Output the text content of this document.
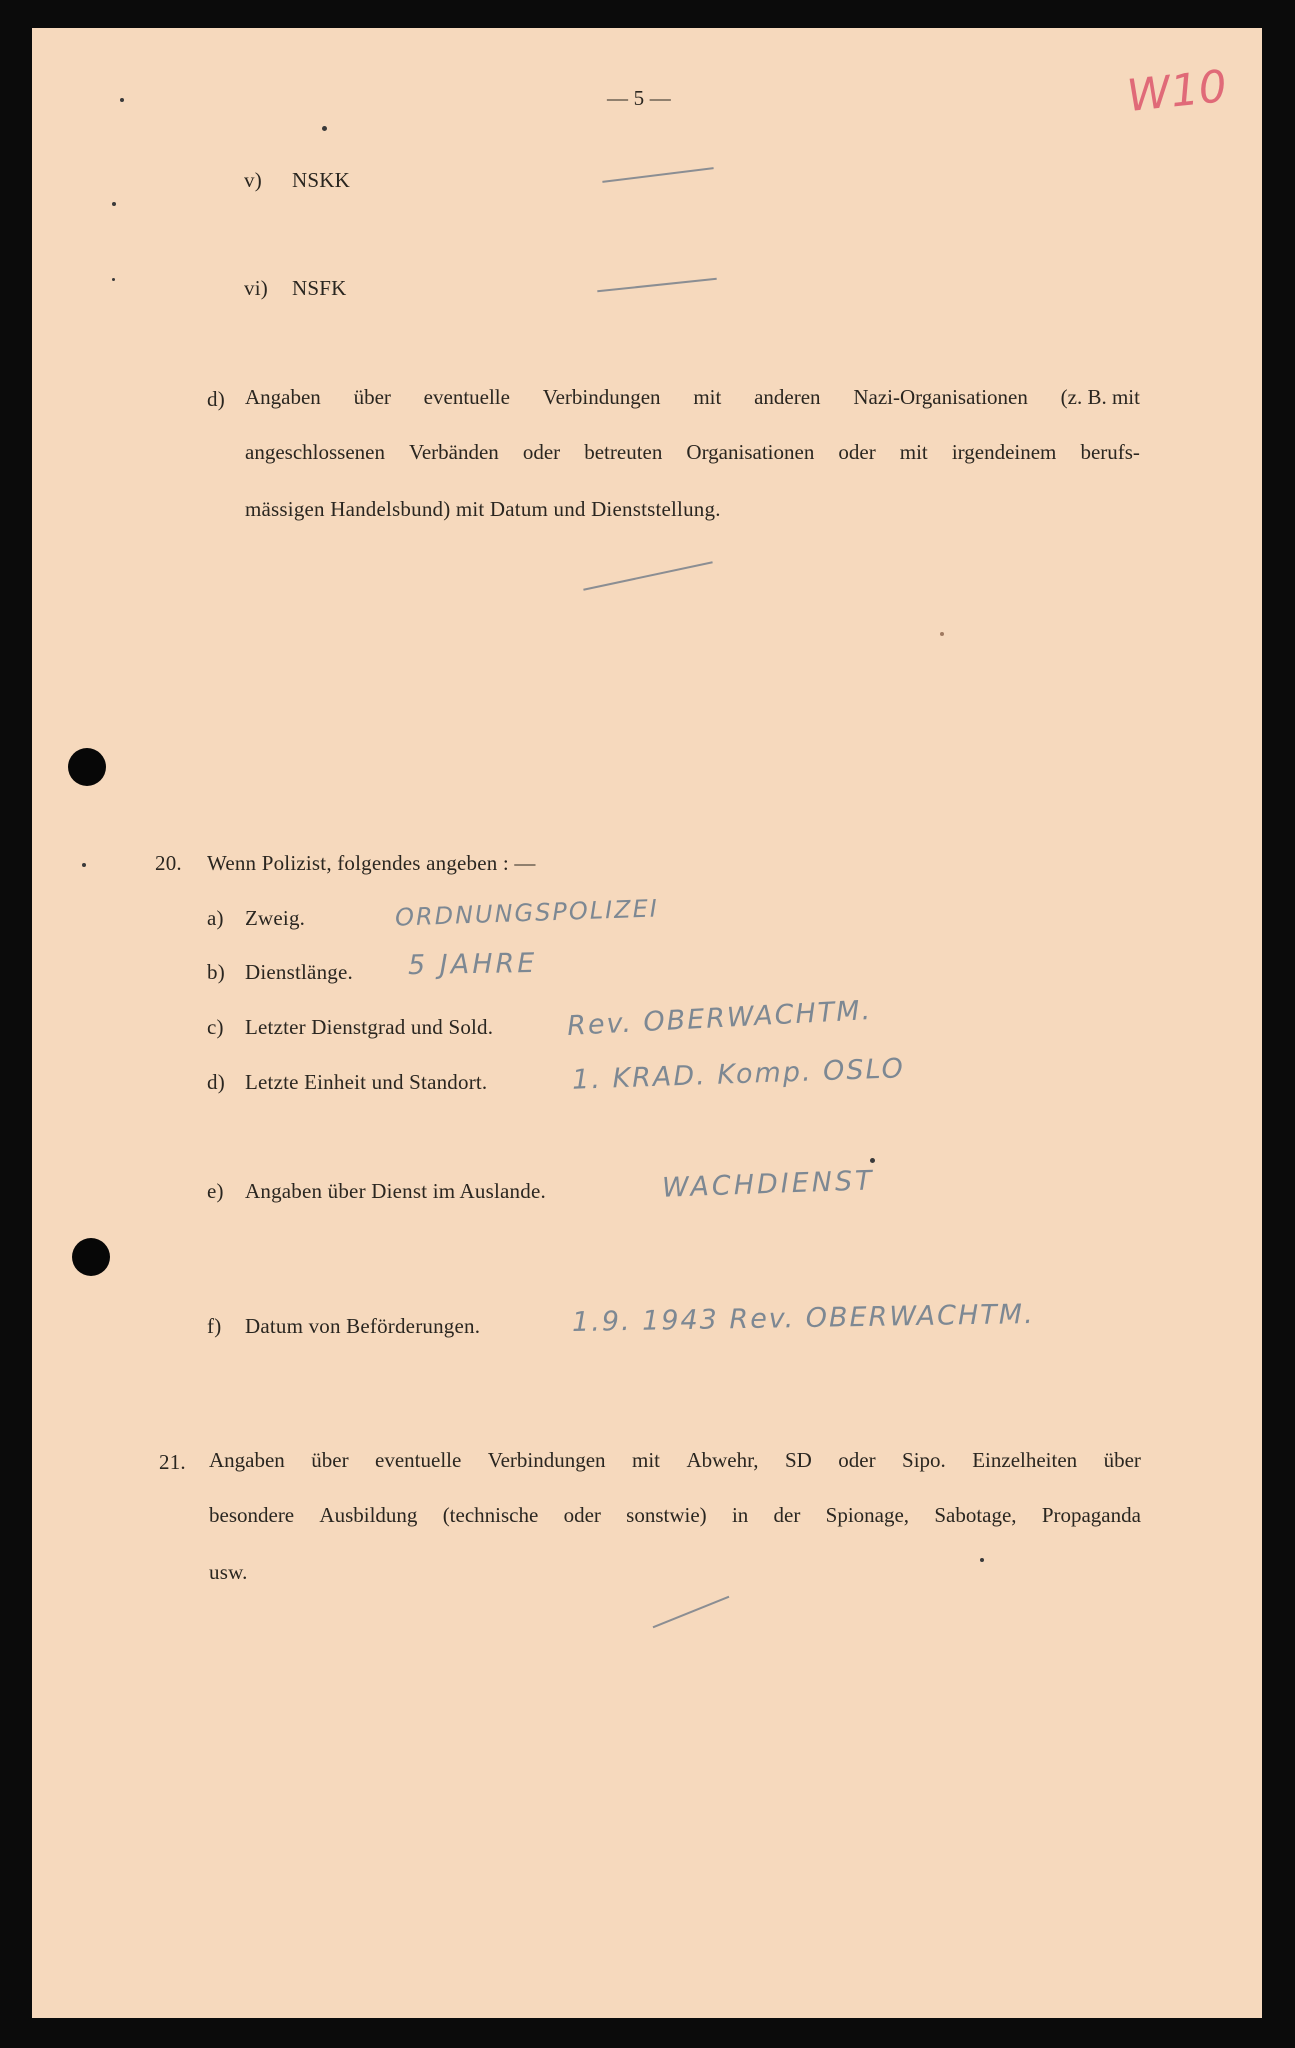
— 5 —	W10
v) NSKK
vi) NSFK
d) Angaben über eventuelle Verbindungen mit anderen Nazi-Organisationen (z. B. mit
angeschlossenen Verbänden oder betreuten Organisationen oder mit irgendeinem berufs-
mässigen Handelsbund) mit Datum und Dienststellung.
20. Wenn Polizist, folgendes angeben : —
a) Zweig.	ORDNUNGSPOLIZEI
b) Dienstlänge. 5 JAHRE
c) Letzter Dienstgrad und Sold.	Rev. OBERWACHTM.
d) Letzte Einheit und Standort.	1. KRAD. Komp. OSLO
e) Angaben über Dienst im Auslande.	WACHDIENST
f) Datum von Beförderungen.	1.9. 1943 Rev. OBERWACHTM.
21. Angaben über eventuelle Verbindungen mit Abwehr, SD oder Sipo. Einzelheiten über
besondere Ausbildung (technische oder sonstwie) in der Spionage, Sabotage, Propaganda
usw.
